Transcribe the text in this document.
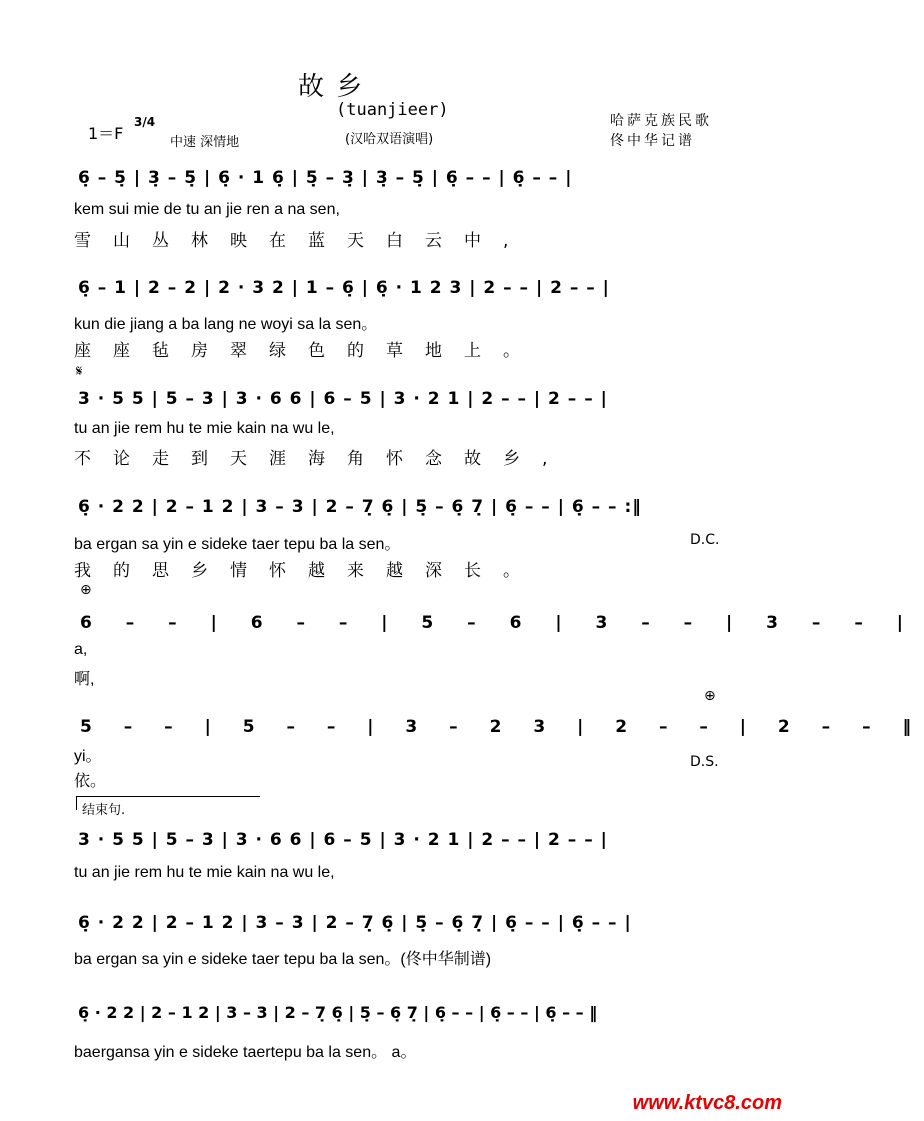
故 乡
(tuanjieer)
1＝F
3/4
中速 深情地	(汉哈双语演唱)
哈萨克族民歌
佟中华记谱
6̣ – 5̣ | 3̣ – 5̣ | 6̣ · 1 6̣ | 5̣ – 3̣ | 3̣ – 5̣ | 6̣ – – | 6̣ – – |
kem sui mie de tu an jie ren a na sen,
雪山丛林映在蓝天白云中,
6̣ – 1 | 2 – 2 | 2 · 3 2 | 1 – 6̣ | 6̣ · 1 2 3 | 2 – – | 2 – – |
kun die jiang a ba lang ne woyi sa la sen。
座座毡房翠绿色的草地上。
𝄋
3 · 5 5 | 5 – 3 | 3 · 6 6 | 6 – 5 | 3 · 2 1 | 2 – – | 2 – – |
tu an jie rem hu te mie kain na wu le,
不论走到天涯海角怀念故乡,
6̣ · 2 2 | 2 – 1 2 | 3 – 3 | 2 – 7̣ 6̣ | 5̣ – 6̣ 7̣ | 6̣ – – | 6̣ – – :‖
ba ergan sa yin e sideke taer tepu ba la sen。	D.C.
我的思乡情怀越来越深长。
⊕
6 – – | 6 – – | 5 – 6 | 3 – – | 3 – – |
a,
啊,
⊕
5 – – | 5 – – | 3 – 2 3 | 2 – – | 2 – – ‖
yi。	D.S.
依。
结束句.
3 · 5 5 | 5 – 3 | 3 · 6 6 | 6 – 5 | 3 · 2 1 | 2 – – | 2 – – |
tu an jie rem hu te mie kain na wu le,
6̣ · 2 2 | 2 – 1 2 | 3 – 3 | 2 – 7̣ 6̣ | 5̣ – 6̣ 7̣ | 6̣ – – | 6̣ – – |
ba ergan sa yin e sideke taer tepu ba la sen。(佟中华制谱)
6̣ · 2 2 | 2 – 1 2 | 3 – 3 | 2 – 7̣ 6̣ | 5̣ – 6̣ 7̣ | 6̣ – – | 6̣ – – | 6̣ – – ‖
baergansa yin e sideke taertepu ba la sen。 a。
www.ktvc8.com
